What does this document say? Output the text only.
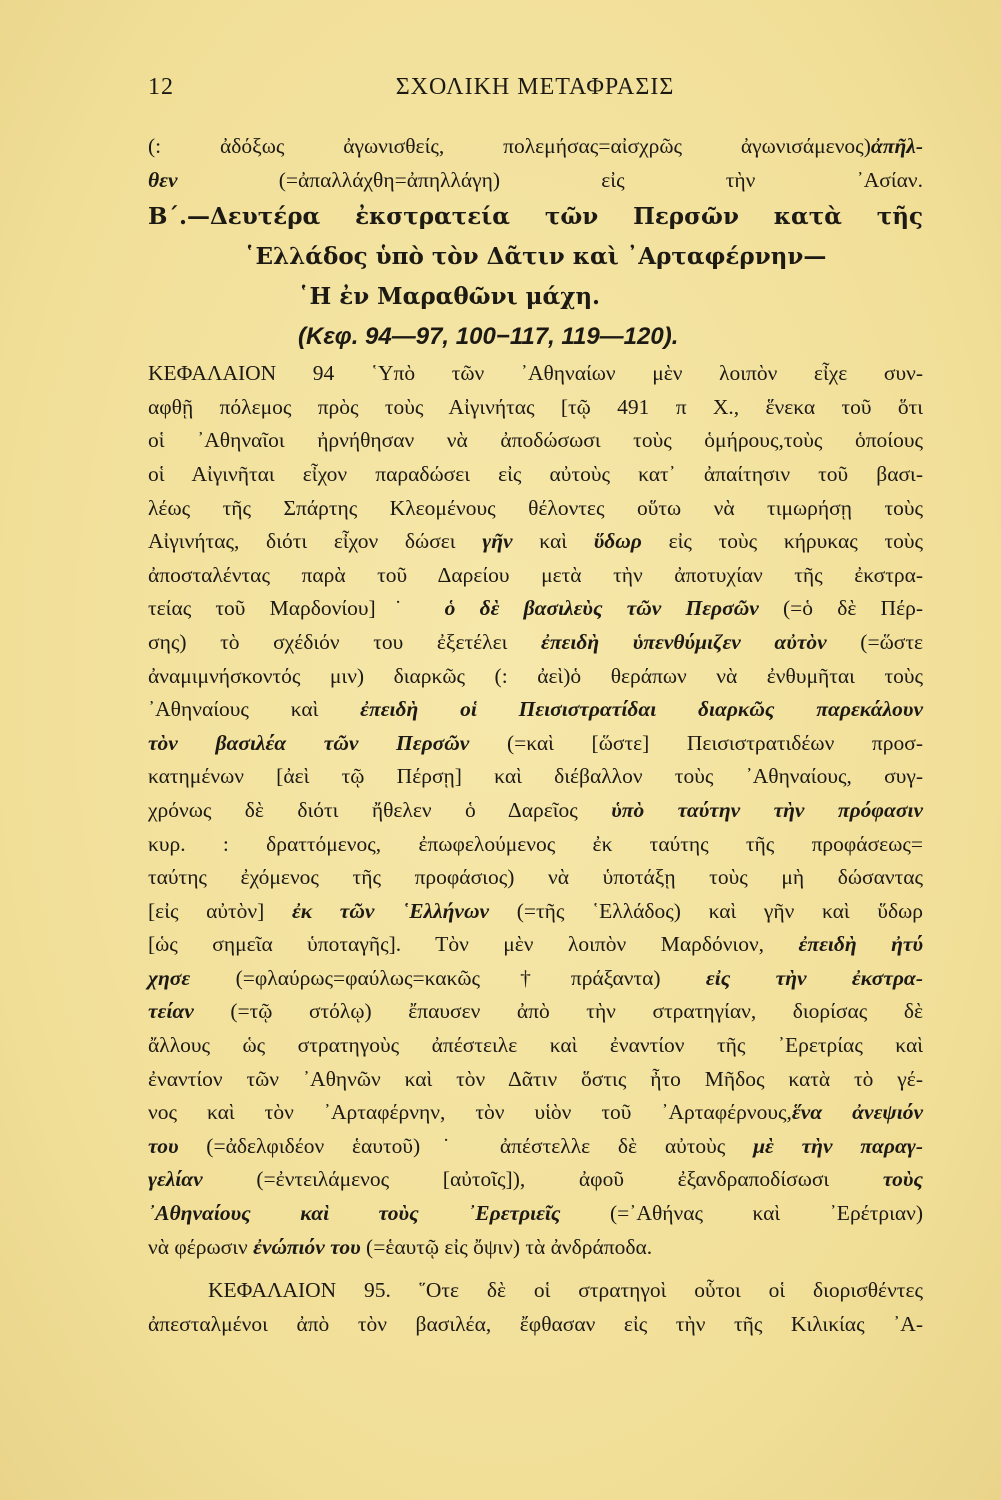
12	ΣΧΟΛΙΚΗ ΜΕΤΑΦΡΑΣΙΣ
(: ἀδόξως ἀγωνισθείς, πολεμήσας=αἰσχρῶς ἀγωνισάμενος)ἀπῆλ-
θεν (=ἀπαλλάχθη=ἀπηλλάγη) εἰς τὴν ᾿Ασίαν.
Β΄.—Δευτέρα ἐκστρατεία τῶν Περσῶν κατὰ τῆς
῾Ελλάδος ὑπὸ τὸν Δᾶτιν καὶ ᾿Αρταφέρνην—
῾Η ἐν Μαραθῶνι μάχη.
(Κεφ. 94—97, 100−117, 119—120).
ΚΕΦΑΛΑΙΟΝ 94 ῾Υπὸ τῶν ᾿Αθηναίων μὲν λοιπὸν εἶχε συν-
αφθῇ πόλεμος πρὸς τοὺς Αἰγινήτας [τῷ 491 π Χ., ἕνεκα τοῦ ὅτι
οἱ ᾿Αθηναῖοι ἠρνήθησαν νὰ ἀποδώσωσι τοὺς ὁμήρους,τοὺς ὁποίους
οἱ Αἰγινῆται εἶχον παραδώσει εἰς αὐτοὺς κατ᾿ ἀπαίτησιν τοῦ βασι-
λέως τῆς Σπάρτης Κλεομένους θέλοντες οὕτω νὰ τιμωρήσῃ τοὺς
Αἰγινήτας, διότι εἶχον δώσει γῆν καὶ ὕδωρ εἰς τοὺς κήρυκας τοὺς
ἀποσταλέντας παρὰ τοῦ Δαρείου μετὰ τὴν ἀποτυχίαν τῆς ἐκστρα-
τείας τοῦ Μαρδονίου]˙ ὁ δὲ βασιλεὺς τῶν Περσῶν (=ὁ δὲ Πέρ-
σης) τὸ σχέδιόν του ἐξετέλει ἐπειδὴ ὑπενθύμιζεν αὐτὸν (=ὥστε
ἀναμιμνήσκοντός μιν) διαρκῶς (: ἀεὶ)ὁ θεράπων νὰ ἐνθυμῆται τοὺς
᾿Αθηναίους καὶ ἐπειδὴ οἱ Πεισιστρατίδαι διαρκῶς παρεκάλουν
τὸν βασιλέα τῶν Περσῶν (=καὶ [ὥστε] Πεισιστρατιδέων προσ-
κατημένων [ἀεὶ τῷ Πέρσῃ] καὶ διέβαλλον τοὺς ᾿Αθηναίους, συγ-
χρόνως δὲ διότι ἤθελεν ὁ Δαρεῖος ὑπὸ ταύτην τὴν πρόφασιν
κυρ. : δραττόμενος, ἐπωφελούμενος ἐκ ταύτης τῆς προφάσεως=
ταύτης ἐχόμενος τῆς προφάσιος) νὰ ὑποτάξῃ τοὺς μὴ δώσαντας
[εἰς αὐτὸν] ἐκ τῶν ῾Ελλήνων (=τῆς ῾Ελλάδος) καὶ γῆν καὶ ὕδωρ
[ὡς σημεῖα ὑποταγῆς]. Τὸν μὲν λοιπὸν Μαρδόνιον, ἐπειδὴ ἠτύ
χησε (=φλαύρως=φαύλως=κακῶς†πράξαντα) εἰς τὴν ἐκστρα-
τείαν (=τῷ στόλῳ) ἔπαυσεν ἀπὸ τὴν στρατηγίαν, διορίσας δὲ
ἄλλους ὡς στρατηγοὺς ἀπέστειλε καὶ ἐναντίον τῆς ᾿Ερετρίας καὶ
ἐναντίον τῶν ᾿Αθηνῶν καὶ τὸν Δᾶτιν ὅστις ἦτο Μῆδος κατὰ τὸ γέ-
νος καὶ τὸν ᾿Αρταφέρνην, τὸν υἱὸν τοῦ ᾿Αρταφέρνους,ἕνα ἀνεψιόν
του (=ἀδελφιδέον ἑαυτοῦ)˙ ἀπέστελλε δὲ αὐτοὺς μὲ τὴν παραγ-
γελίαν (=ἐντειλάμενος [αὐτοῖς]), ἀφοῦ ἐξανδραποδίσωσι τοὺς
᾿Αθηναίους καὶ τοὺς ᾿Ερετριεῖς (=᾿Αθήνας καὶ ᾿Ερέτριαν)
νὰ φέρωσιν ἐνώπιόν του (=ἑαυτῷ εἰς ὄψιν) τὰ ἀνδράποδα.
ΚΕΦΑΛΑΙΟΝ 95. ῞Οτε δὲ οἱ στρατηγοὶ οὗτοι οἱ διορισθέντες
ἀπεσταλμένοι ἀπὸ τὸν βασιλέα, ἔφθασαν εἰς τὴν τῆς Κιλικίας ᾿Α-
